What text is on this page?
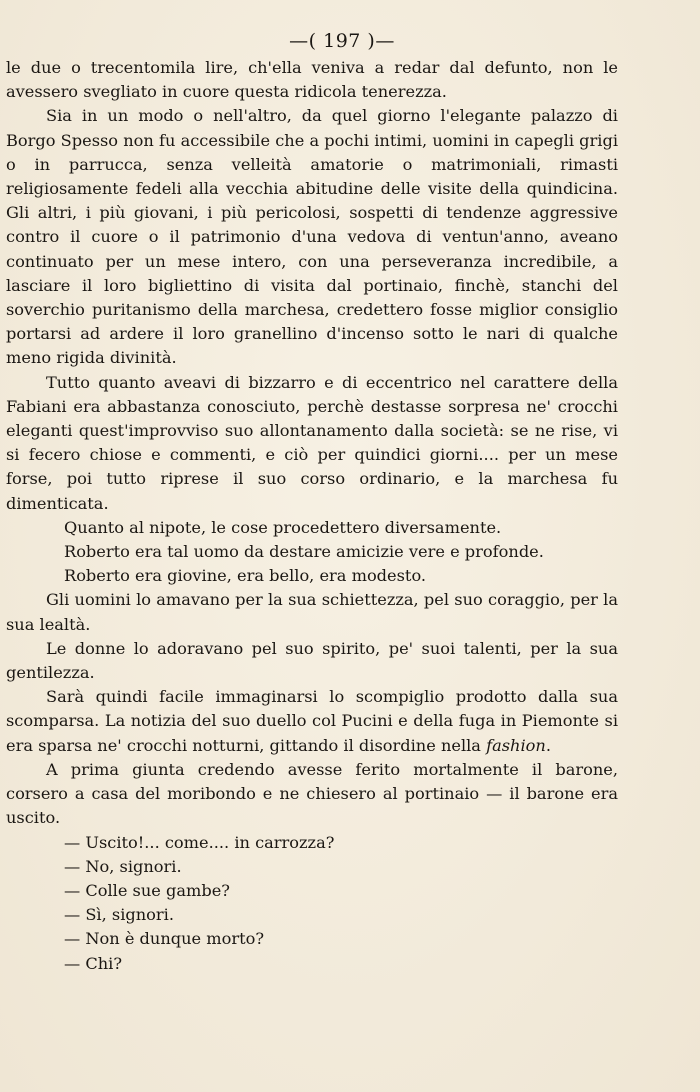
—( 197 )—

le due o trecentomila lire, ch'ella veniva a redar dal defunto, non le avessero svegliato in cuore questa ridicola tenerezza.

Sia in un modo o nell'altro, da quel giorno l'elegante palazzo di Borgo Spesso non fu accessibile che a pochi intimi, uomini in capegli grigi o in parrucca, senza velleità amatorie o matrimoniali, rimasti religiosamente fedeli alla vecchia abitudine delle visite della quindicina. Gli altri, i più giovani, i più pericolosi, sospetti di tendenze aggressive contro il cuore o il patrimonio d'una vedova di ventun'anno, aveano continuato per un mese intero, con una perseveranza incredibile, a lasciare il loro bigliettino di visita dal portinaio, finchè, stanchi del soverchio puritanismo della marchesa, credettero fosse miglior consiglio portarsi ad ardere il loro granellino d'incenso sotto le nari di qualche meno rigida divinità.

Tutto quanto aveavi di bizzarro e di eccentrico nel carattere della Fabiani era abbastanza conosciuto, perchè destasse sorpresa ne' crocchi eleganti quest'improvviso suo allontanamento dalla società: se ne rise, vi si fecero chiose e commenti, e ciò per quindici giorni.... per un mese forse, poi tutto riprese il suo corso ordinario, e la marchesa fu dimenticata.

Quanto al nipote, le cose procedettero diversamente.

Roberto era tal uomo da destare amicizie vere e profonde.

Roberto era giovine, era bello, era modesto.

Gli uomini lo amavano per la sua schiettezza, pel suo coraggio, per la sua lealtà.

Le donne lo adoravano pel suo spirito, pe' suoi talenti, per la sua gentilezza.

Sarà quindi facile immaginarsi lo scompiglio prodotto dalla sua scomparsa. La notizia del suo duello col Pucini e della fuga in Piemonte si era sparsa ne' crocchi notturni, gittando il disordine nella fashion.

A prima giunta credendo avesse ferito mortalmente il barone, corsero a casa del moribondo e ne chiesero al portinaio — il barone era uscito.

— Uscito!... come.... in carrozza?

— No, signori.

— Colle sue gambe?

— Sì, signori.

— Non è dunque morto?

— Chi?
